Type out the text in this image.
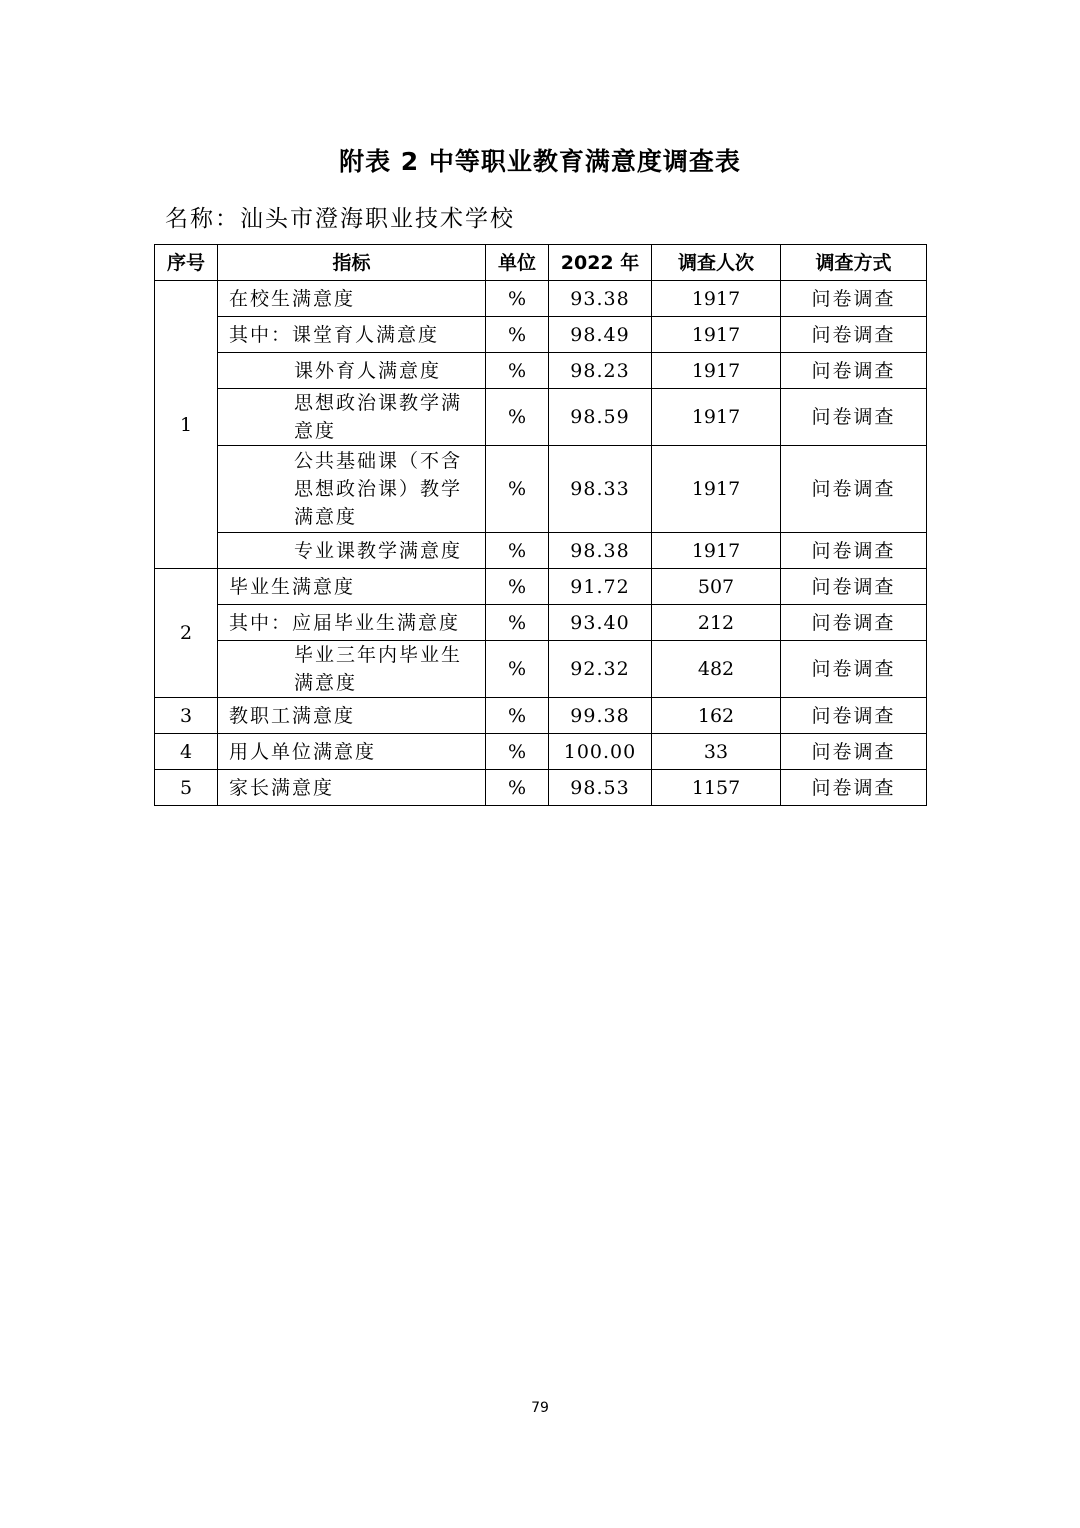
附表 2 中等职业教育满意度调查表
名称：汕头市澄海职业技术学校
序号	指标	单位	2022 年	调查人次	调查方式
1	在校生满意度	%	93.38	1917	问卷调查
	其中：课堂育人满意度	%	98.49	1917	问卷调查
	课外育人满意度	%	98.23	1917	问卷调查
	思想政治课教学满意度	%	98.59	1917	问卷调查
	公共基础课（不含思想政治课）教学满意度	%	98.33	1917	问卷调查
	专业课教学满意度	%	98.38	1917	问卷调查
2	毕业生满意度	%	91.72	507	问卷调查
	其中：应届毕业生满意度	%	93.40	212	问卷调查
	毕业三年内毕业生满意度	%	92.32	482	问卷调查
3	教职工满意度	%	99.38	162	问卷调查
4	用人单位满意度	%	100.00	33	问卷调查
5	家长满意度	%	98.53	1157	问卷调查
79
